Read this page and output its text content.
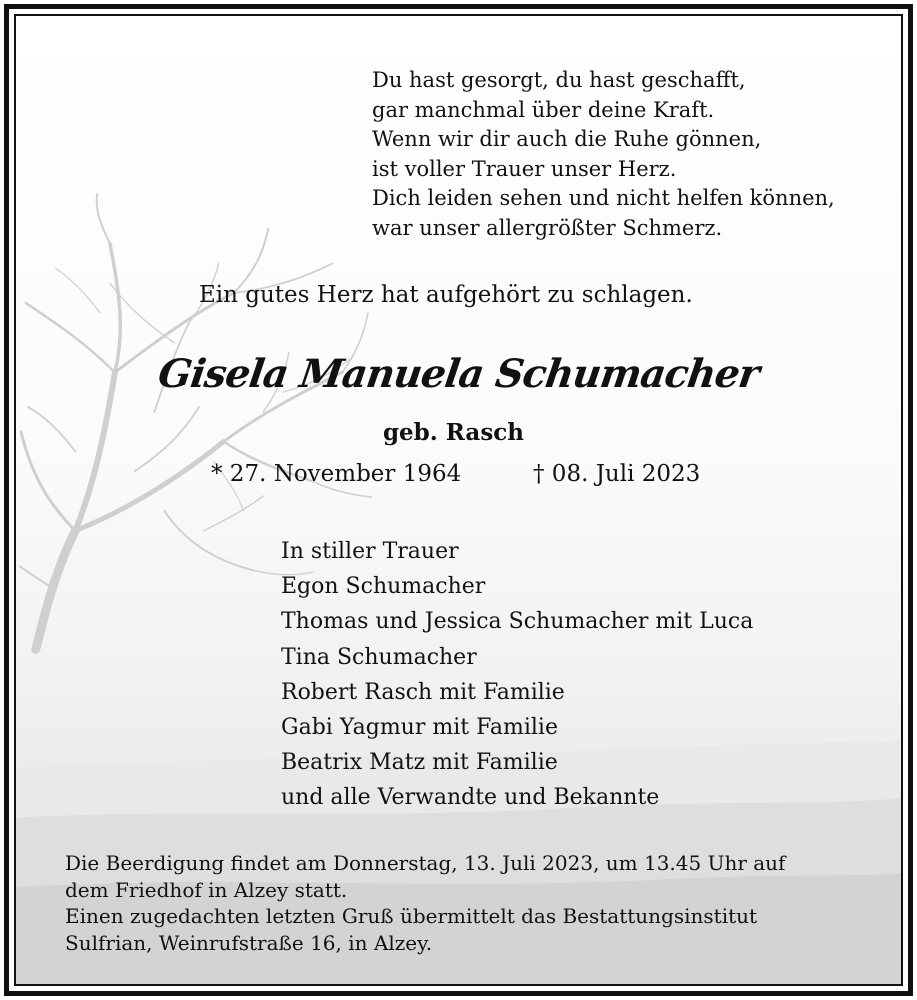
Du hast gesorgt, du hast geschafft,
gar manchmal über deine Kraft.
Wenn wir dir auch die Ruhe gönnen,
ist voller Trauer unser Herz.
Dich leiden sehen und nicht helfen können,
war unser allergrößter Schmerz.
Ein gutes Herz hat aufgehört zu schlagen.
Gisela Manuela Schumacher
geb. Rasch
* 27. November 1964	† 08. Juli 2023
In stiller Trauer
Egon Schumacher
Thomas und Jessica Schumacher mit Luca
Tina Schumacher
Robert Rasch mit Familie
Gabi Yagmur mit Familie
Beatrix Matz mit Familie
und alle Verwandte und Bekannte
Die Beerdigung findet am Donnerstag, 13. Juli 2023, um 13.45 Uhr auf
dem Friedhof in Alzey statt.
Einen zugedachten letzten Gruß übermittelt das Bestattungsinstitut
Sulfrian, Weinrufstraße 16, in Alzey.
